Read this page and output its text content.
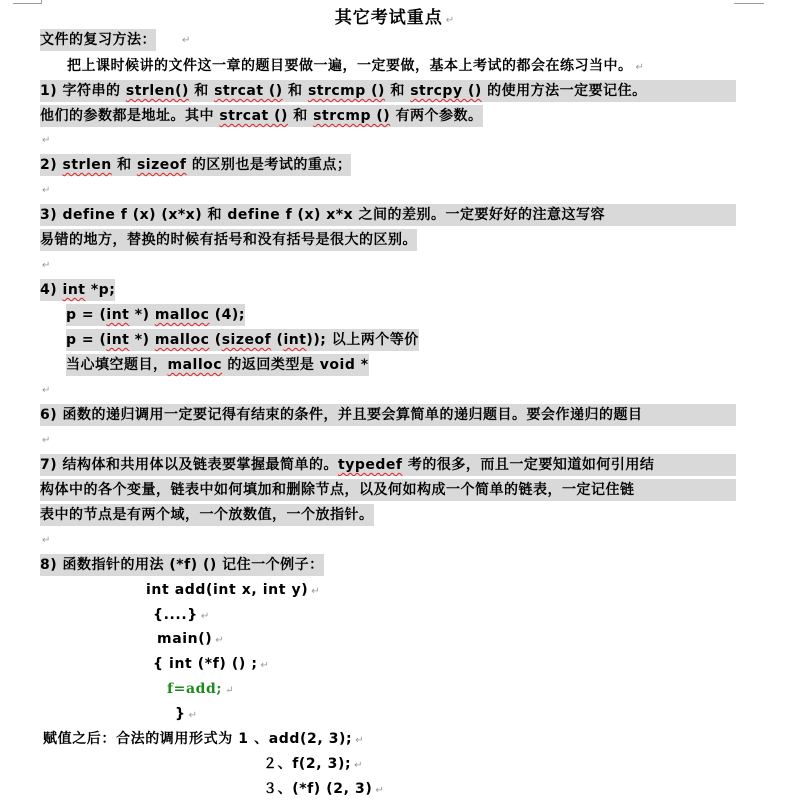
其它考试重点 ↵
文件的复习方法：	↵
把上课时候讲的文件这一章的题目要做一遍，一定要做，基本上考试的都会在练习当中。 ↵
1) 字符串的 strlen() 和 strcat () 和 strcmp () 和 strcpy () 的使用方法一定要记住。
他们的参数都是地址。其中 strcat () 和 strcmp () 有两个参数。
↵
2) strlen 和 sizeof 的区别也是考试的重点；
↵
3) define f (x) (x*x) 和 define f (x) x*x 之间的差别。一定要好好的注意这写容
易错的地方，替换的时候有括号和没有括号是很大的区别。
↵
4) int *p;
p = (int *) malloc (4);
p = (int *) malloc (sizeof (int)); 以上两个等价
当心填空题目，malloc 的返回类型是 void *
↵
6) 函数的递归调用一定要记得有结束的条件，并且要会算简单的递归题目。要会作递归的题目
↵
7) 结构体和共用体以及链表要掌握最简单的。typedef 考的很多，而且一定要知道如何引用结
构体中的各个变量，链表中如何填加和删除节点，以及何如构成一个简单的链表，一定记住链
表中的节点是有两个域，一个放数值，一个放指针。
↵
8) 函数指针的用法 (*f) () 记住一个例子：
int add(int x, int y) ↵
{....} ↵
main() ↵
{ int (*f) () ; ↵
f=add; ↵
} ↵
赋值之后：合法的调用形式为 1 、add(2, 3); ↵
２、f(2, 3); ↵
３、(*f) (2, 3) ↵
